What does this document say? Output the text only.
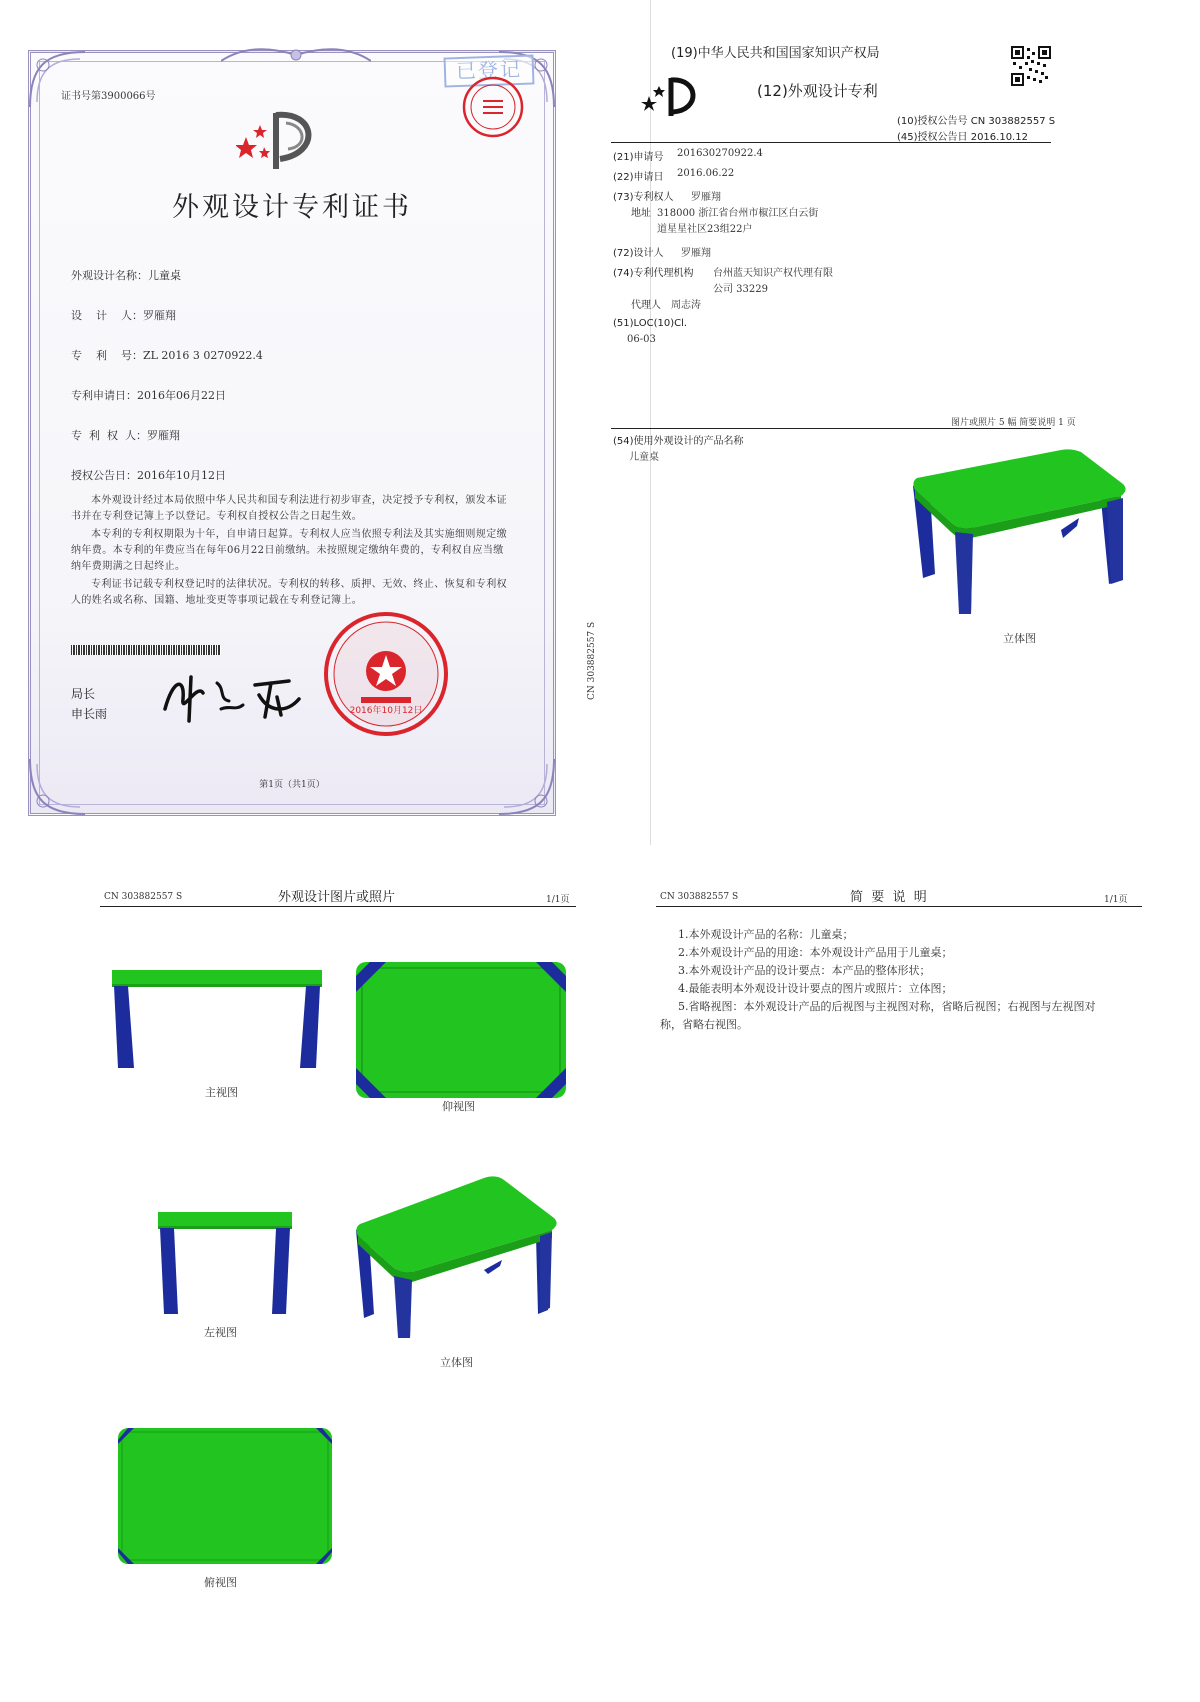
已登记
证书号第3900066号
外观设计专利证书
外观设计名称：儿童桌
设    计    人：罗雁翔
专    利    号：ZL 2016 3 0270922.4
专利申请日：2016年06月22日
专  利  权  人：罗雁翔
授权公告日：2016年10月12日
本外观设计经过本局依照中华人民共和国专利法进行初步审查，决定授予专利权，颁发本证书并在专利登记簿上予以登记。专利权自授权公告之日起生效。
本专利的专利权期限为十年，自申请日起算。专利权人应当依照专利法及其实施细则规定缴纳年费。本专利的年费应当在每年06月22日前缴纳。未按照规定缴纳年费的，专利权自应当缴纳年费期满之日起终止。
专利证书记载专利权登记时的法律状况。专利权的转移、质押、无效、终止、恢复和专利权人的姓名或名称、国籍、地址变更等事项记载在专利登记簿上。
局长
申长雨	2016年10月12日
第1页（共1页）
(19)中华人民共和国国家知识产权局
(12)外观设计专利
(10)授权公告号 CN 303882557 S
(45)授权公告日 2016.10.12
(21)申请号 201630270922.4
(22)申请日 2016.06.22
(73)专利权人 罗雁翔
地址 318000 浙江省台州市椒江区白云街
道星星社区23组22户
(72)设计人 罗雁翔
(74)专利代理机构 台州蓝天知识产权代理有限
公司 33229
代理人 周志涛
(51)LOC(10)Cl.
06-03
图片或照片 5 幅 简要说明 1 页
(54)使用外观设计的产品名称
儿童桌
立体图
CN 303882557 S
CN 303882557 S	外观设计图片或照片	1/1页
主视图
仰视图
左视图
立体图
俯视图
CN 303882557 S	简  要  说  明	1/1页
1.本外观设计产品的名称：儿童桌；
2.本外观设计产品的用途：本外观设计产品用于儿童桌；
3.本外观设计产品的设计要点：本产品的整体形状；
4.最能表明本外观设计设计要点的图片或照片：立体图；
5.省略视图：本外观设计产品的后视图与主视图对称，省略后视图；右视图与左视图对
称，省略右视图。
